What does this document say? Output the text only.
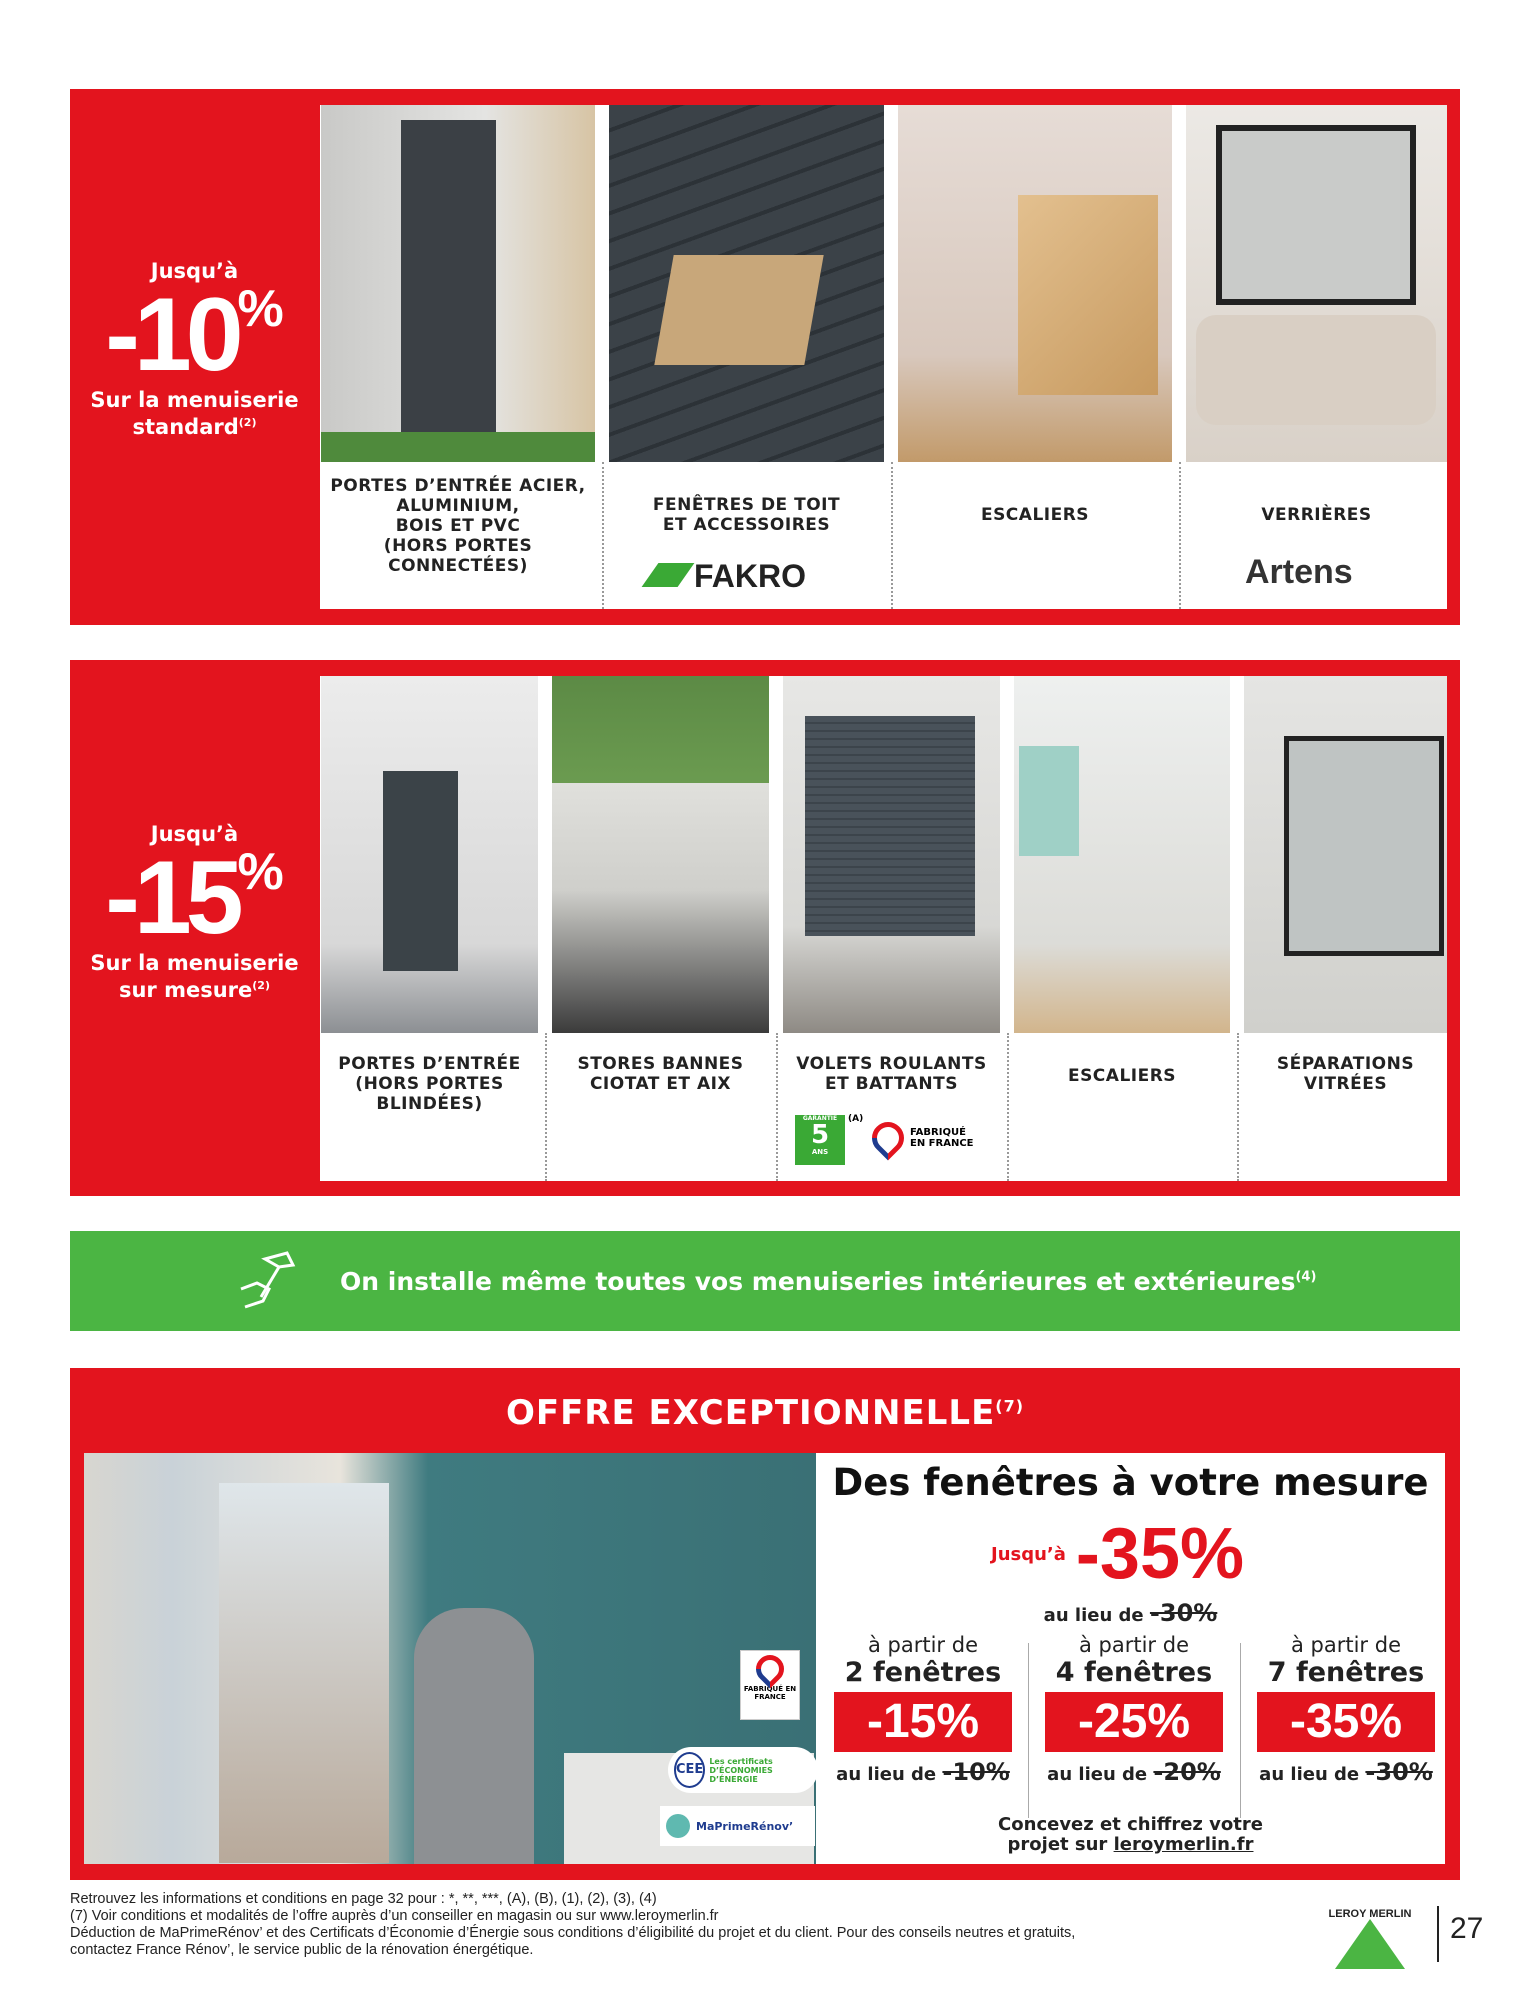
Jusqu’à
-10%
Sur la menuiserie
standard$^{(2)}$
PORTES D’ENTRÉE ACIER,
ALUMINIUM,
BOIS ET PVC
(HORS PORTES CONNECTÉES)
FENÊTRES DE TOIT
ET ACCESSOIRES
FAKRO
ESCALIERS	VERRIÈRES
Artens
Jusqu’à
-15%
Sur la menuiserie
sur mesure$^{(2)}$
PORTES D’ENTRÉE
(HORS PORTES BLINDÉES)
STORES BANNES
CIOTAT ET AIX
VOLETS ROULANTS
ET BATTANTS
GARANTIE
5
ANS
(A)
FABRIQUÉ EN FRANCE
ESCALIERS
SÉPARATIONS
VITRÉES
On installe même toutes vos menuiseries intérieures et extérieures$^{(4)}$
OFFRE EXCEPTIONNELLE$^{(7)}$
FABRIQUÉ EN FRANCE
CEE
Les certificats D’ÉCONOMIES D’ÉNERGIE
MaPrimeRénov’
Des fenêtres à votre mesure
Jusqu’à -35%
au lieu de -30%
à partir de
2 fenêtres
-15%
au lieu de -10%
à partir de
4 fenêtres
-25%
au lieu de -20%
à partir de
7 fenêtres
-35%
au lieu de -30%
Concevez et chiffrez votre
projet sur leroymerlin.fr
Retrouvez les informations et conditions en page 32 pour : *, **, ***, (A), (B), (1), (2), (3), (4)
(7) Voir conditions et modalités de l’offre auprès d’un conseiller en magasin ou sur www.leroymerlin.fr
Déduction de MaPrimeRénov’ et des Certificats d’Économie d’Énergie sous conditions d’éligibilité du projet et du client. Pour des conseils neutres et gratuits,
contactez France Rénov’, le service public de la rénovation énergétique.
LEROY MERLIN 27
